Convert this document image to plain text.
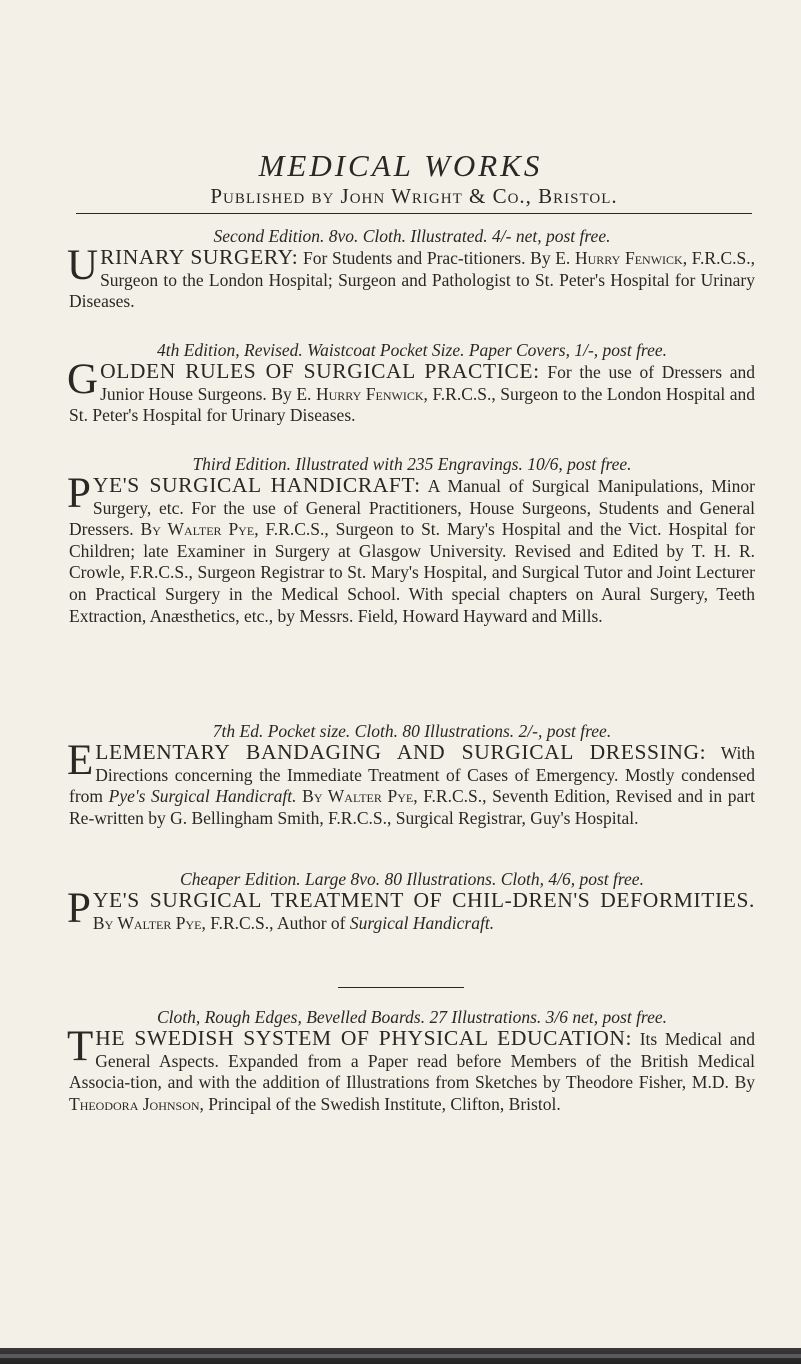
MEDICAL WORKS
Published by John Wright & Co., Bristol.

Second Edition. 8vo. Cloth. Illustrated. 4/- net, post free.

URINARY SURGERY: For Students and Prac-titioners. By E. Hurry Fenwick, F.R.C.S., Surgeon to the London Hospital; Surgeon and Pathologist to St. Peter's Hospital for Urinary Diseases.

4th Edition, Revised. Waistcoat Pocket Size. Paper Covers, 1/-, post free.

GOLDEN RULES OF SURGICAL PRACTICE: For the use of Dressers and Junior House Surgeons. By E. Hurry Fenwick, F.R.C.S., Surgeon to the London Hospital and St. Peter's Hospital for Urinary Diseases.

Third Edition. Illustrated with 235 Engravings. 10/6, post free.

PYE'S SURGICAL HANDICRAFT: A Manual of Surgical Manipulations, Minor Surgery, etc. For the use of General Practitioners, House Surgeons, Students and General Dressers. By Walter Pye, F.R.C.S., Surgeon to St. Mary's Hospital and the Vict. Hospital for Children; late Examiner in Surgery at Glasgow University. Revised and Edited by T. H. R. Crowle, F.R.C.S., Surgeon Registrar to St. Mary's Hospital, and Surgical Tutor and Joint Lecturer on Practical Surgery in the Medical School. With special chapters on Aural Surgery, Teeth Extraction, Anæsthetics, etc., by Messrs. Field, Howard Hayward and Mills.

7th Ed. Pocket size. Cloth. 80 Illustrations. 2/-, post free.

ELEMENTARY BANDAGING AND SURGICAL DRESSING: With Directions concerning the Immediate Treatment of Cases of Emergency. Mostly condensed from Pye's Surgical Handicraft. By Walter Pye, F.R.C.S., Seventh Edition, Revised and in part Re-written by G. Bellingham Smith, F.R.C.S., Surgical Registrar, Guy's Hospital.

Cheaper Edition. Large 8vo. 80 Illustrations. Cloth, 4/6, post free.

PYE'S SURGICAL TREATMENT OF CHIL-DREN'S DEFORMITIES. By Walter Pye, F.R.C.S., Author of Surgical Handicraft.

Cloth, Rough Edges, Bevelled Boards. 27 Illustrations. 3/6 net, post free.

THE SWEDISH SYSTEM OF PHYSICAL EDUCATION: Its Medical and General Aspects. Expanded from a Paper read before Members of the British Medical Associa-tion, and with the addition of Illustrations from Sketches by Theodore Fisher, M.D. By Theodora Johnson, Principal of the Swedish Institute, Clifton, Bristol.
